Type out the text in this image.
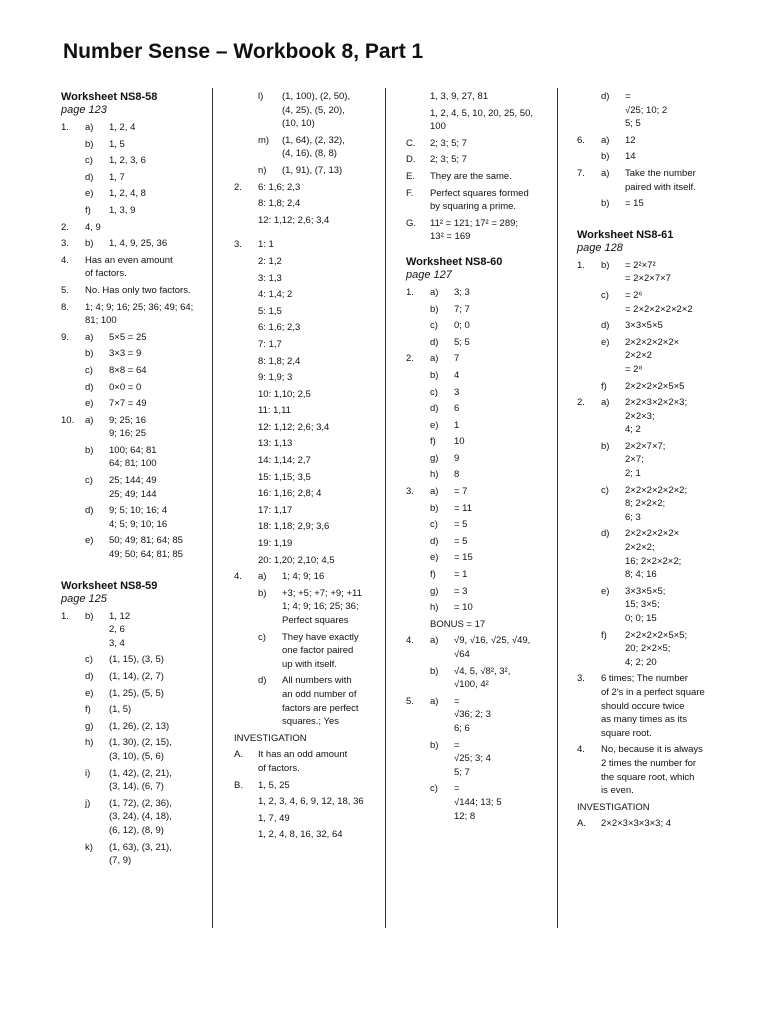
Number Sense – Workbook 8, Part 1
Worksheet NS8-58
page 123
1.	a)	1, 2, 4
b)	1, 5
c)	1, 2, 3, 6
d)	1, 7
e)	1, 2, 4, 8
f)	1, 3, 9
2.	4, 9
3.	b)	1, 4, 9, 25, 36
4.	Has an even amount
of factors.
5.	No. Has only two factors.
8.	1; 4; 9; 16; 25; 36; 49; 64;
81; 100
9.	a)	5×5 = 25
b)	3×3 = 9
c)	8×8 = 64
d)	0×0 = 0
e)	7×7 = 49
10.	a)	9; 25; 16
9; 16; 25
b)	100; 64; 81
64; 81; 100
c)	25; 144; 49
25; 49; 144
d)	9; 5; 10; 16; 4
4; 5; 9; 10; 16
e)	50; 49; 81; 64; 85
49; 50; 64; 81; 85
Worksheet NS8-59
page 125
1.	b)	1, 12
2, 6
3, 4
c)	(1, 15), (3, 5)
d)	(1, 14), (2, 7)
e)	(1, 25), (5, 5)
f)	(1, 5)
g)	(1, 26), (2, 13)
h)	(1, 30), (2, 15),
(3, 10), (5, 6)
i)	(1, 42), (2, 21),
(3, 14), (6, 7)
j)	(1, 72), (2, 36),
(3, 24), (4, 18),
(6, 12), (8, 9)
k)	(1, 63), (3, 21),
(7, 9)
l)	(1, 100), (2, 50),
(4, 25), (5, 20),
(10, 10)
m)	(1, 64), (2, 32),
(4, 16), (8, 8)
n)	(1, 91), (7, 13)
2.	6: 1,6; 2,3
8: 1,8; 2,4
12: 1,12; 2,6; 3,4
3.	1: 1
2: 1,2
3: 1,3
4: 1,4; 2
5: 1,5
6: 1,6; 2,3
7: 1,7
8: 1,8; 2,4
9: 1,9; 3
10: 1,10; 2,5
11: 1,11
12: 1,12; 2,6; 3,4
13: 1,13
14: 1,14; 2,7
15: 1,15; 3,5
16: 1,16; 2,8; 4
17: 1,17
18: 1,18; 2,9; 3,6
19: 1,19
20: 1,20; 2,10; 4,5
4.	a)	1; 4; 9; 16
b)	+3; +5; +7; +9; +11
1; 4; 9; 16; 25; 36;
Perfect squares
c)	They have exactly
one factor paired
up with itself.
d)	All numbers with
an odd number of
factors are perfect
squares.; Yes
INVESTIGATION
A.	It has an odd amount
of factors.
B.	1, 5, 25
1, 2, 3, 4, 6, 9, 12, 18, 36
1, 7, 49
1, 2, 4, 8, 16, 32, 64
1, 3, 9, 27, 81
1, 2, 4, 5, 10, 20, 25, 50,
100
C.	2; 3; 5; 7
D.	2; 3; 5; 7
E.	They are the same.
F.	Perfect squares formed
by squaring a prime.
G.	11² = 121; 17² = 289;
13² = 169
Worksheet NS8-60
page 127
1.	a)	3; 3
b)	7; 7
c)	0; 0
d)	5; 5
2.	a)	7
b)	4
c)	3
d)	6
e)	1
f)	10
g)	9
h)	8
3.	a)	= 7
b)	= 11
c)	= 5
d)	= 5
e)	= 15
f)	= 1
g)	= 3
h)	= 10
BONUS = 17
4.	a)	√9, √16, √25, √49,
√64
b)	√4, 5, √8², 3²,
√100, 4²
5.	a)	=
√36; 2; 3
6; 6
b)	=
√25; 3; 4
5; 7
c)	=
√144; 13; 5
12; 8
d)	=
√25; 10; 2
5; 5
6.	a)	12
b)	14
7.	a)	Take the number
paired with itself.
b)	= 15
Worksheet NS8-61
page 128
1.	b)	= 2²×7²
= 2×2×7×7
c)	= 2⁶
= 2×2×2×2×2×2
d)	3×3×5×5
e)	2×2×2×2×2×
2×2×2
= 2⁸
f)	2×2×2×2×5×5
2.	a)	2×2×3×2×2×3;
2×2×3;
4; 2
b)	2×2×7×7;
2×7;
2; 1
c)	2×2×2×2×2×2;
8; 2×2×2;
6; 3
d)	2×2×2×2×2×
2×2×2;
16; 2×2×2×2;
8; 4; 16
e)	3×3×5×5;
15; 3×5;
0; 0; 15
f)	2×2×2×2×5×5;
20; 2×2×5;
4; 2; 20
3.	6 times; The number
of 2's in a perfect square
should occure twice
as many times as its
square root.
4.	No, because it is always
2 times the number for
the square root, which
is even.
INVESTIGATION
A.	2×2×3×3×3×3; 4
